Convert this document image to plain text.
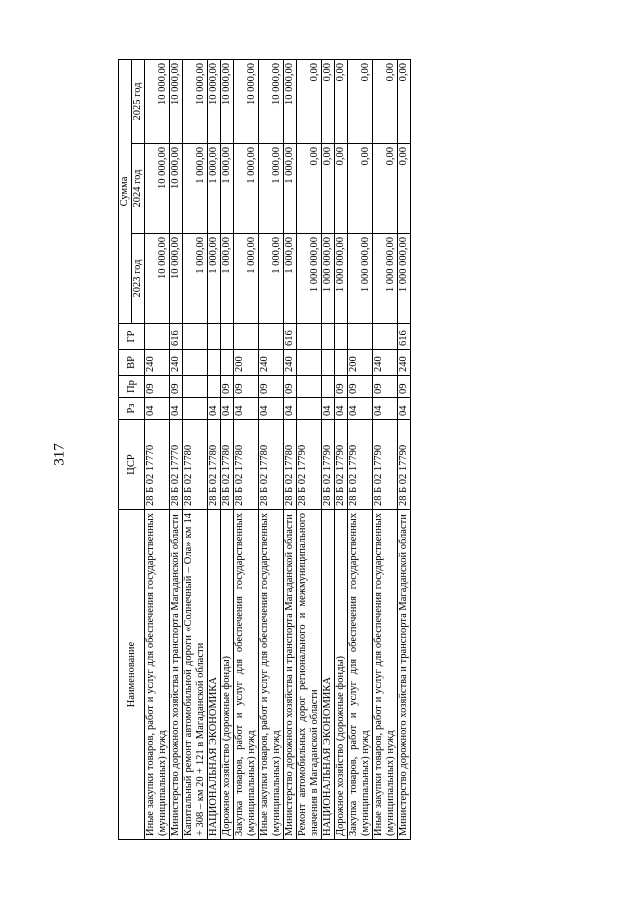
317
Наименование	ЦСР	Рз	Пр	ВР	ГР	Сумма		
						2023 год	2024 год	2025 год
Иные закупки товаров, работ и услуг для обеспечения государственных (муниципальных) нужд	28 Б 02 17770	04	09	240		10 000,00	10 000,00	10 000,00
Министерство дорожного хозяйства и транспорта Магаданской области	28 Б 02 17770	04	09	240	616	10 000,00	10 000,00	10 000,00
Капитальный ремонт автомобильной дороги «Солнечный – Ола» км 14 + 308 – км 20 + 121 в Магаданской области	28 Б 02 17780					1 000,00	1 000,00	10 000,00
НАЦИОНАЛЬНАЯ ЭКОНОМИКА	28 Б 02 17780	04				1 000,00	1 000,00	10 000,00
Дорожное хозяйство (дорожные фонды)	28 Б 02 17780	04	09			1 000,00	1 000,00	10 000,00
Закупка товаров, работ и услуг для обеспечения государственных (муниципальных) нужд	28 Б 02 17780	04	09	200		1 000,00	1 000,00	10 000,00
Иные закупки товаров, работ и услуг для обеспечения государственных (муниципальных) нужд	28 Б 02 17780	04	09	240		1 000,00	1 000,00	10 000,00
Министерство дорожного хозяйства и транспорта Магаданской области	28 Б 02 17780	04	09	240	616	1 000,00	1 000,00	10 000,00
Ремонт автомобильных дорог регионального и межмуниципального значения в Магаданской области	28 Б 02 17790					1 000 000,00	0,00	0,00
НАЦИОНАЛЬНАЯ ЭКОНОМИКА	28 Б 02 17790	04				1 000 000,00	0,00	0,00
Дорожное хозяйство (дорожные фонды)	28 Б 02 17790	04	09			1 000 000,00	0,00	0,00
Закупка товаров, работ и услуг для обеспечения государственных (муниципальных) нужд	28 Б 02 17790	04	09	200		1 000 000,00	0,00	0,00
Иные закупки товаров, работ и услуг для обеспечения государственных (муниципальных) нужд	28 Б 02 17790	04	09	240		1 000 000,00	0,00	0,00
Министерство дорожного хозяйства и транспорта Магаданской области	28 Б 02 17790	04	09	240	616	1 000 000,00	0,00	0,00
